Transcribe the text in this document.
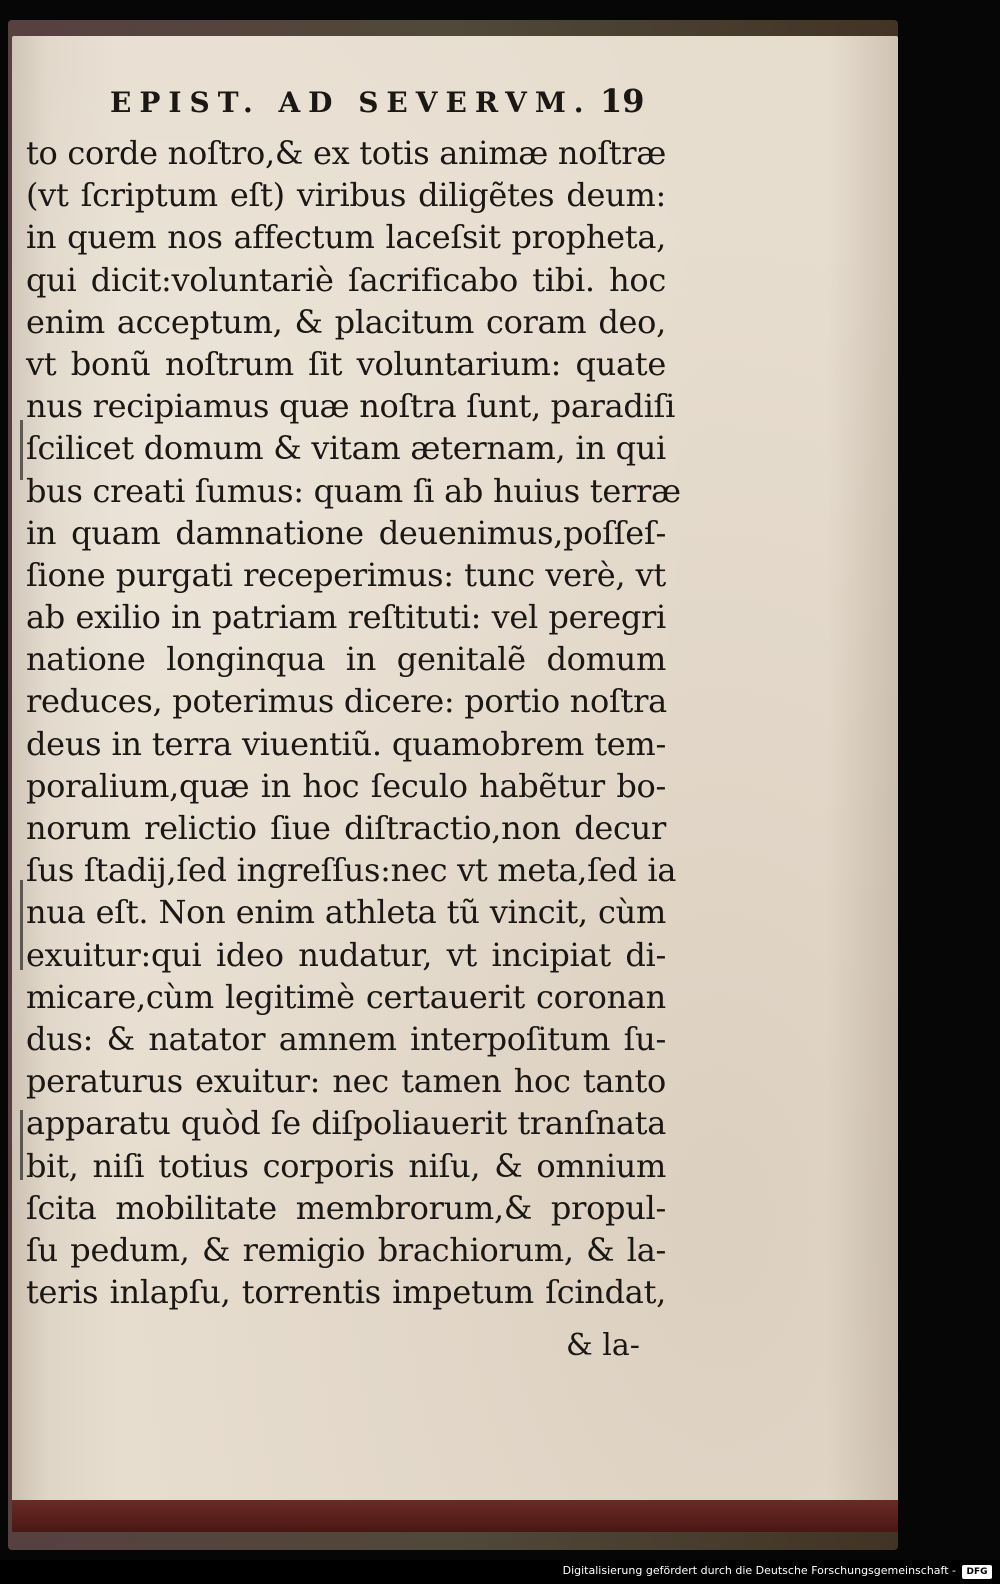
EPIST. AD SEVERVM. 19
to corde noſtro,& ex totis animæ noſtræ
(vt ſcriptum eſt) viribus diligẽtes deum:
in quem nos affectum laceſsit propheta,
qui dicit:voluntariè ſacrificabo tibi. hoc
enim acceptum, & placitum coram deo,
vt bonũ noſtrum ſit voluntarium: quate
nus recipiamus quæ noſtra ſunt, paradiſi
ſcilicet domum & vitam æternam, in qui
bus creati ſumus: quam ſi ab huius terræ
in quam damnatione deuenimus,poſſeſ-
ſione purgati receperimus: tunc verè, vt
ab exilio in patriam reſtituti: vel peregri
natione longinqua in genitalẽ domum
reduces, poterimus dicere: portio noſtra
deus in terra viuentiũ. quamobrem tem-
poralium,quæ in hoc ſeculo habẽtur bo-
norum relictio ſiue diſtractio,non decur
ſus ſtadij,ſed ingreſſus:nec vt meta,ſed ia
nua eſt. Non enim athleta tũ vincit, cùm
exuitur:qui ideo nudatur, vt incipiat di-
micare,cùm legitimè certauerit coronan
dus: & natator amnem interpoſitum ſu-
peraturus exuitur: nec tamen hoc tanto
apparatu quòd ſe diſpoliauerit tranſnata
bit, niſi totius corporis niſu, & omnium
ſcita mobilitate membrorum,& propul-
ſu pedum, & remigio brachiorum, & la-
teris inlapſu, torrentis impetum ſcindat,
& la-
Digitalisierung gefördert durch die Deutsche Forschungsgemeinschaft -	DFG
